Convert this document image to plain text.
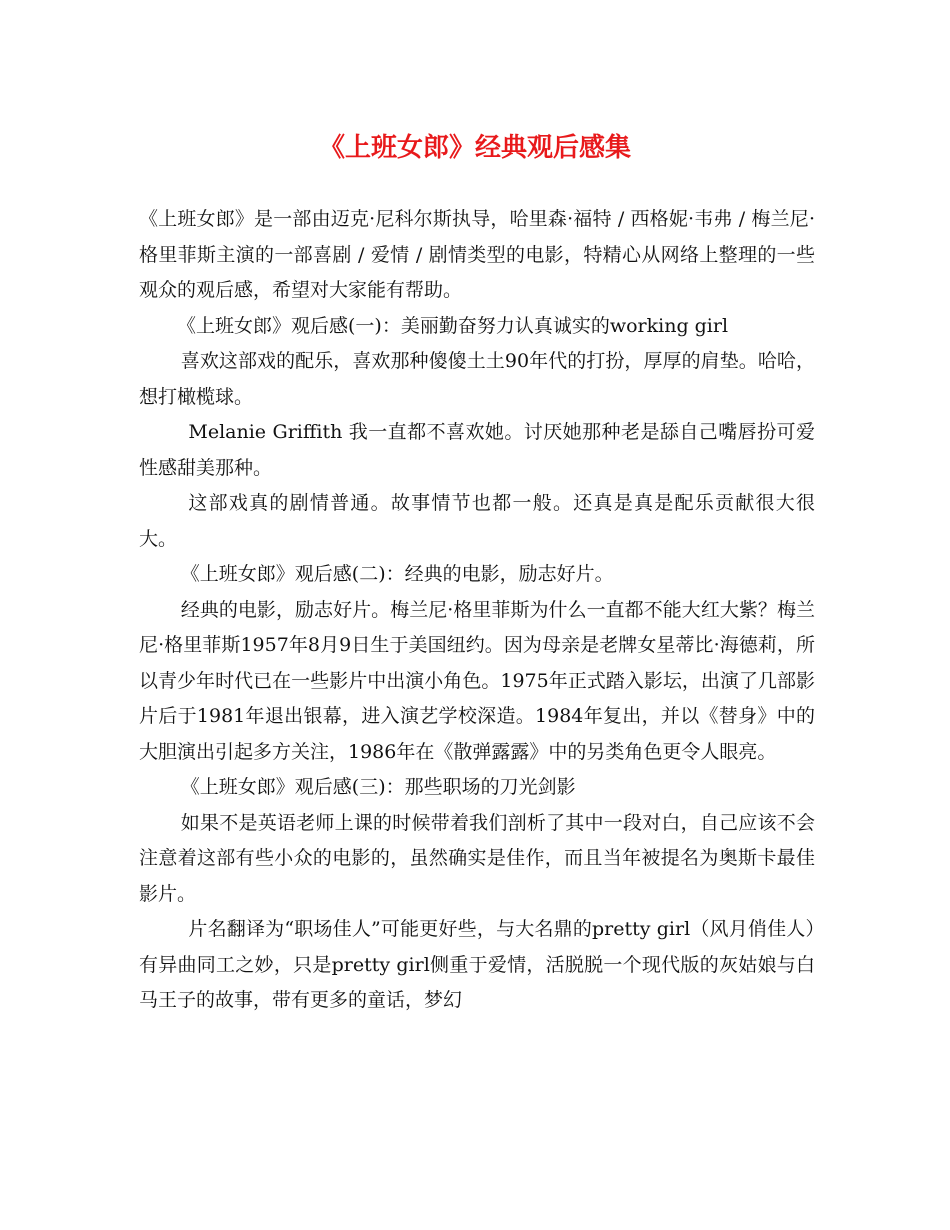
《上班女郎》经典观后感集

《上班女郎》是一部由迈克·尼科尔斯执导，哈里森·福特 / 西格妮·韦弗 / 梅兰尼·格里菲斯主演的一部喜剧 / 爱情 / 剧情类型的电影，特精心从网络上整理的一些观众的观后感，希望对大家能有帮助。

《上班女郎》观后感(一)：美丽勤奋努力认真诚实的working girl

喜欢这部戏的配乐，喜欢那种傻傻土土90年代的打扮，厚厚的肩垫。哈哈，想打橄榄球。

Melanie Griffith 我一直都不喜欢她。讨厌她那种老是舔自己嘴唇扮可爱性感甜美那种。

这部戏真的剧情普通。故事情节也都一般。还真是真是配乐贡献很大很大。

《上班女郎》观后感(二)：经典的电影，励志好片。

经典的电影，励志好片。梅兰尼·格里菲斯为什么一直都不能大红大紫？梅兰尼·格里菲斯1957年8月9日生于美国纽约。因为母亲是老牌女星蒂比·海德莉，所以青少年时代已在一些影片中出演小角色。1975年正式踏入影坛，出演了几部影片后于1981年退出银幕，进入演艺学校深造。1984年复出，并以《替身》中的大胆演出引起多方关注，1986年在《散弹露露》中的另类角色更令人眼亮。

《上班女郎》观后感(三)：那些职场的刀光剑影

如果不是英语老师上课的时候带着我们剖析了其中一段对白，自己应该不会注意着这部有些小众的电影的，虽然确实是佳作，而且当年被提名为奥斯卡最佳影片。

片名翻译为“职场佳人”可能更好些，与大名鼎的pretty girl（风月俏佳人）有异曲同工之妙，只是pretty girl侧重于爱情，活脱脱一个现代版的灰姑娘与白马王子的故事，带有更多的童话，梦幻
